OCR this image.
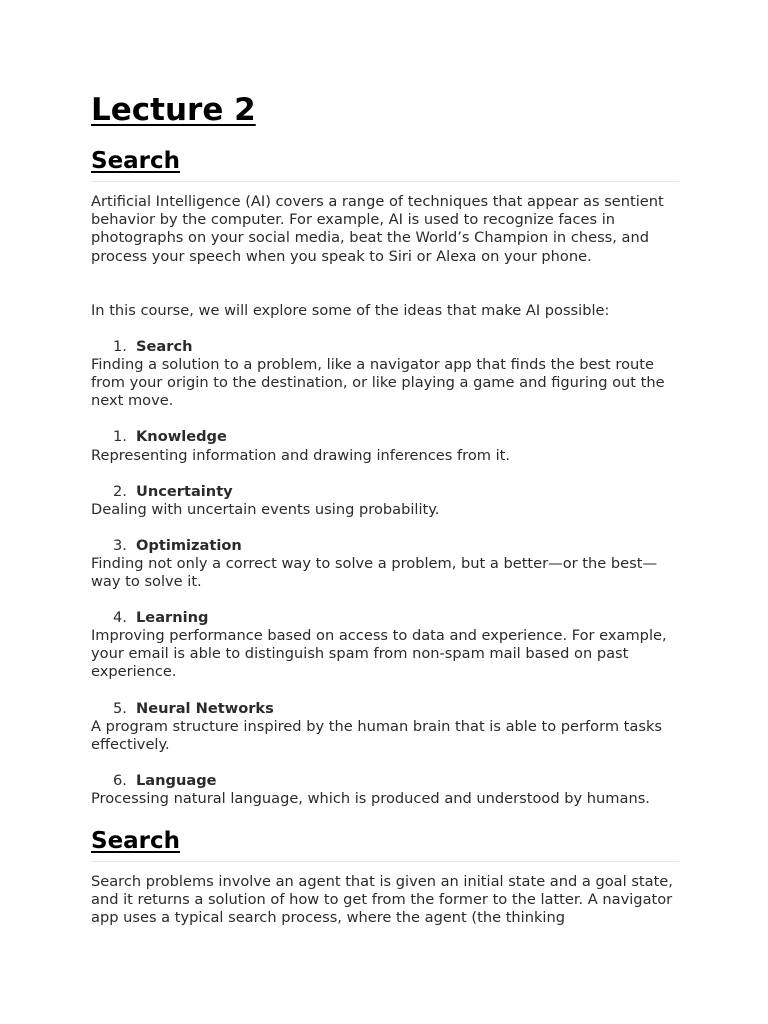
Lecture 2
Search

Artificial Intelligence (AI) covers a range of techniques that appear as sentient behavior by the computer. For example, AI is used to recognize faces in photographs on your social media, beat the World’s Champion in chess, and process your speech when you speak to Siri or Alexa on your phone.

In this course, we will explore some of the ideas that make AI possible:

1. Search

Finding a solution to a problem, like a navigator app that finds the best route from your origin to the destination, or like playing a game and figuring out the next move.

1. Knowledge

Representing information and drawing inferences from it.

2. Uncertainty

Dealing with uncertain events using probability.

3. Optimization

Finding not only a correct way to solve a problem, but a better—or the best—way to solve it.

4. Learning

Improving performance based on access to data and experience. For example, your email is able to distinguish spam from non-spam mail based on past experience.

5. Neural Networks

A program structure inspired by the human brain that is able to perform tasks effectively.

6. Language

Processing natural language, which is produced and understood by humans.

Search

Search problems involve an agent that is given an initial state and a goal state, and it returns a solution of how to get from the former to the latter. A navigator app uses a typical search process, where the agent (the thinking
